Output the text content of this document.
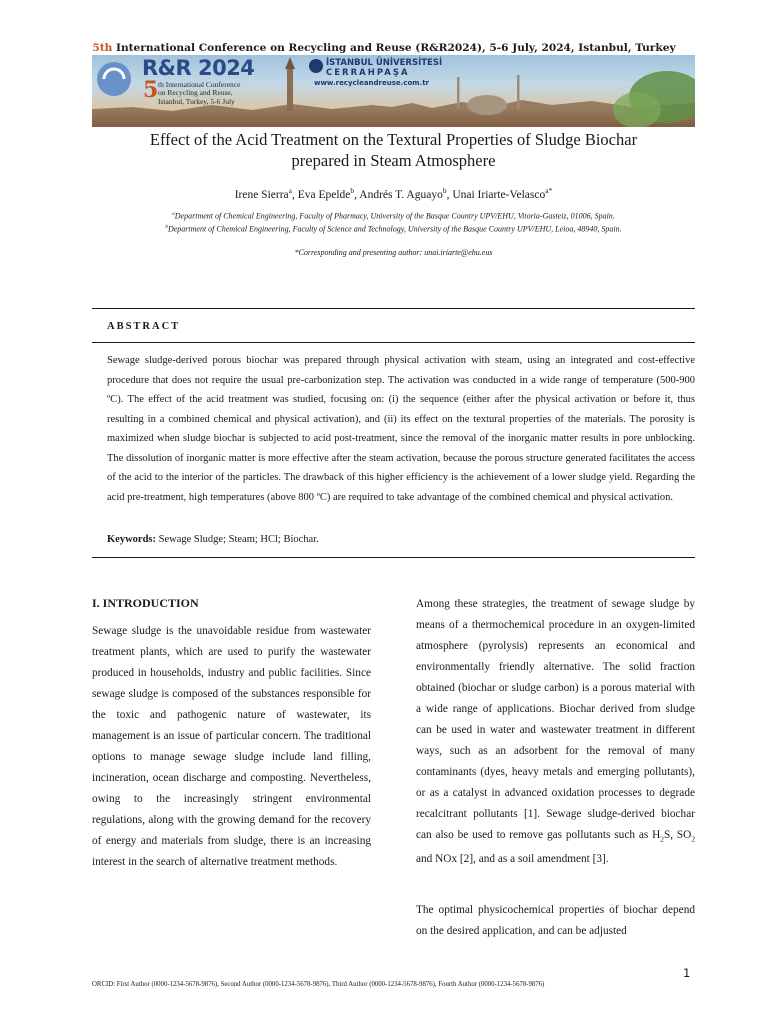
5th International Conference on Recycling and Reuse (R&R2024), 5-6 July, 2024, Istanbul, Turkey
R&R 2024
5 th International Conference
on Recycling and Reuse,
Istanbul, Turkey, 5-6 July
İSTANBUL ÜNİVERSİTESİ
CERRAHPAŞA
www.recycleandreuse.com.tr
Effect of the Acid Treatment on the Textural Properties of Sludge Biochar
prepared in Steam Atmosphere
Irene Sierra$^a$, Eva Epelde$^b$, Andrés T. Aguayo$^b$, Unai Iriarte-Velasco$^{a*}$
$^a$Department of Chemical Engineering, Faculty of Pharmacy, University of the Basque Country UPV/EHU, Vitoria-Gasteiz, 01006, Spain.
$^b$Department of Chemical Engineering, Faculty of Science and Technology, University of the Basque Country UPV/EHU, Leioa, 48940, Spain.
*Corresponding and presenting author: unai.iriarte@ehu.eus
ABSTRACT

Sewage sludge-derived porous biochar was prepared through physical activation with steam, using an integrated and cost-effective procedure that does not require the usual pre-carbonization step. The activation was conducted in a wide range of temperature (500-900 ºC). The effect of the acid treatment was studied, focusing on: (i) the sequence (either after the physical activation or before it, thus resulting in a combined chemical and physical activation), and (ii) its effect on the textural properties of the materials. The porosity is maximized when sludge biochar is subjected to acid post-treatment, since the removal of the inorganic matter results in pore unblocking. The dissolution of inorganic matter is more effective after the steam activation, because the porous structure generated facilitates the access of the acid to the interior of the particles. The drawback of this higher efficiency is the achievement of a lower sludge yield. Regarding the acid pre-treatment, high temperatures (above 800 ºC) are required to take advantage of the combined chemical and physical activation.

Keywords: Sewage Sludge; Steam; HCl; Biochar.
I. INTRODUCTION

Sewage sludge is the unavoidable residue from wastewater treatment plants, which are used to purify the wastewater produced in households, industry and public facilities. Since sewage sludge is composed of the substances responsible for the toxic and pathogenic nature of wastewater, its management is an issue of particular concern. The traditional options to manage sewage sludge include land filling, incineration, ocean discharge and composting. Nevertheless, owing to the increasingly stringent environmental regulations, along with the growing demand for the recovery of energy and materials from sludge, there is an increasing interest in the search of alternative treatment methods.

Among these strategies, the treatment of sewage sludge by means of a thermochemical procedure in an oxygen-limited atmosphere (pyrolysis) represents an economical and environmentally friendly alternative. The solid fraction obtained (biochar or sludge carbon) is a porous material with a wide range of applications. Biochar derived from sludge can be used in water and wastewater treatment in different ways, such as an adsorbent for the removal of many contaminants (dyes, heavy metals and emerging pollutants), or as a catalyst in advanced oxidation processes to degrade recalcitrant pollutants [1]. Sewage sludge-derived biochar can also be used to remove gas pollutants such as $H_2S$, $SO_2$ and NOx [2], and as a soil amendment [3].

The optimal physicochemical properties of biochar depend on the desired application, and can be adjusted

1
ORCID: First Author (0000-1234-5678-9876), Second Author (0000-1234-5678-9876), Third Author (0000-1234-5678-9876), Fourth Author (0000-1234-5678-9876)
